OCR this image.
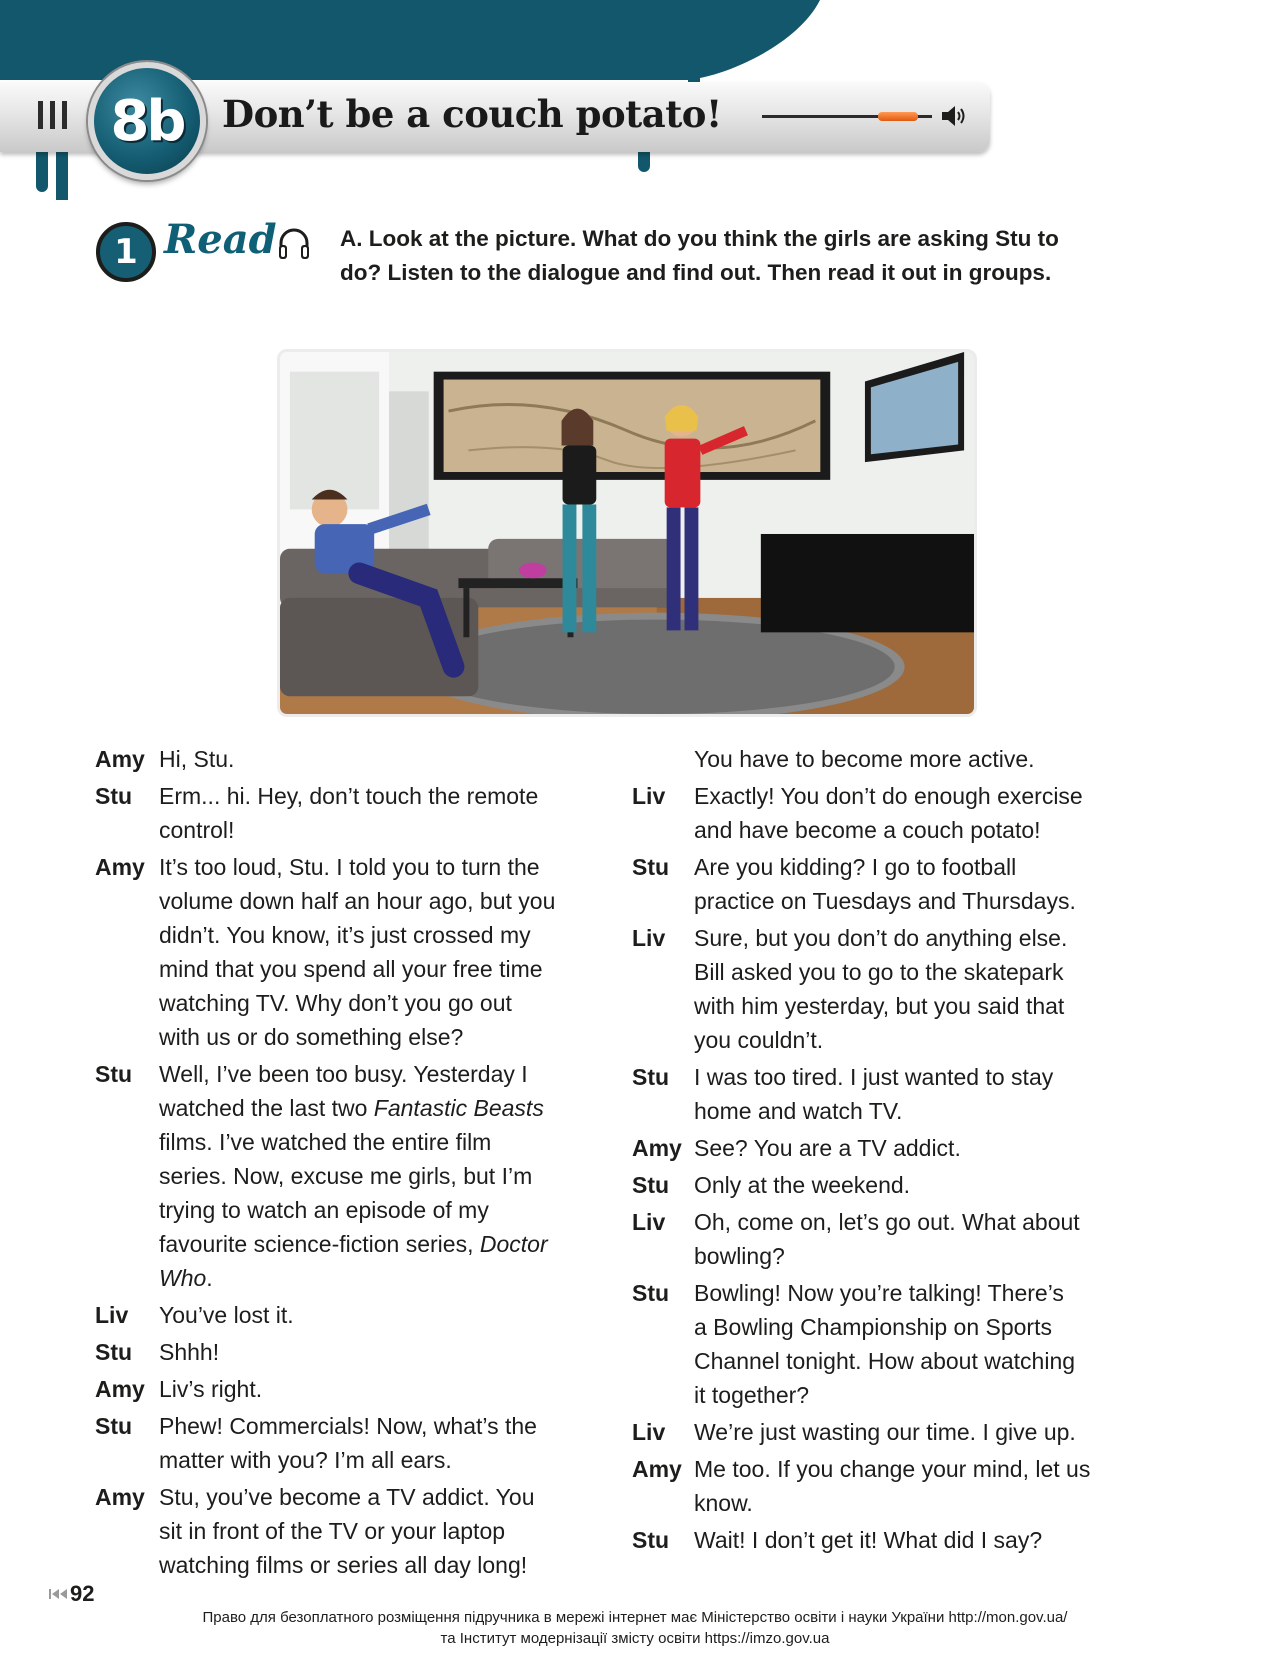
8b Don’t be a couch potato!
1 Read	A. Look at the picture. What do you think the girls are asking Stu to do? Listen to the dialogue and find out. Then read it out in groups.
Amy Hi, Stu.
Stu	Erm... hi. Hey, don’t touch the remote
control!
Amy It’s too loud, Stu. I told you to turn the
volume down half an hour ago, but you
didn’t. You know, it’s just crossed my
mind that you spend all your free time
watching TV. Why don’t you go out
with us or do something else?
Stu	Well, I’ve been too busy. Yesterday I
watched the last two Fantastic Beasts
films. I’ve watched the entire film
series. Now, excuse me girls, but I’m
trying to watch an episode of my
favourite science-fiction series, Doctor
Who.
Liv	You’ve lost it.
Stu	Shhh!
Amy Liv’s right.
Stu	Phew! Commercials! Now, what’s the
matter with you? I’m all ears.
Amy Stu, you’ve become a TV addict. You
sit in front of the TV or your laptop
watching films or series all day long!
You have to become more active.
Liv	Exactly! You don’t do enough exercise
and have become a couch potato!
Stu	Are you kidding? I go to football
practice on Tuesdays and Thursdays.
Liv	Sure, but you don’t do anything else.
Bill asked you to go to the skatepark
with him yesterday, but you said that
you couldn’t.
Stu	I was too tired. I just wanted to stay
home and watch TV.
Amy See? You are a TV addict.
Stu	Only at the weekend.
Liv	Oh, come on, let’s go out. What about
bowling?
Stu	Bowling! Now you’re talking! There’s
a Bowling Championship on Sports
Channel tonight. How about watching
it together?
Liv	We’re just wasting our time. I give up.
Amy Me too. If you change your mind, let us
know.
Stu	Wait! I don’t get it! What did I say?
92
Право для безоплатного розміщення підручника в мережі інтернет має Міністерство освіти і науки України http://mon.gov.ua/
та Інститут модернізації змісту освіти https://imzo.gov.ua
